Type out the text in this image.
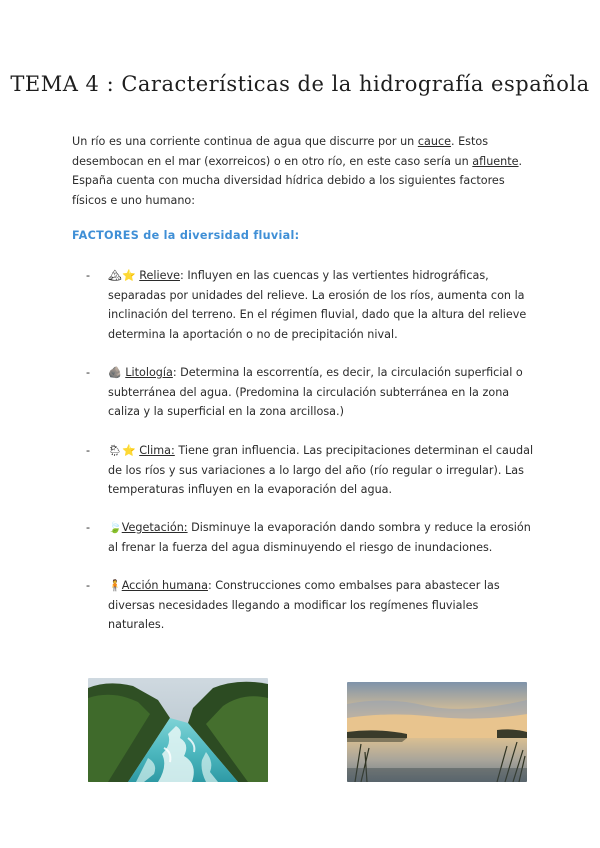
TEMA 4 : Características de la hidrografía española

Un río es una corriente continua de agua que discurre por un cauce. Estos desembocan en el mar (exorreicos) o en otro río, en este caso sería un afluente. España cuenta con mucha diversidad hídrica debido a los siguientes factores físicos e uno humano:

FACTORES de la diversidad fluvial:

- 🏔⭐ Relieve: Influyen en las cuencas y las vertientes hidrográficas, separadas por unidades del relieve. La erosión de los ríos, aumenta con la inclinación del terreno. En el régimen fluvial, dado que la altura del relieve determina la aportación o no de precipitación nival.

- 🪨 Litología: Determina la escorrentía, es decir, la circulación superficial o subterránea del agua. (Predomina la circulación subterránea en la zona caliza y la superficial en la zona arcillosa.)

- 🌦⭐ Clima: Tiene gran influencia. Las precipitaciones determinan el caudal de los ríos y sus variaciones a lo largo del año (río regular o irregular). Las temperaturas influyen en la evaporación del agua.

- 🍃Vegetación: Disminuye la evaporación dando sombra y reduce la erosión al frenar la fuerza del agua disminuyendo el riesgo de inundaciones.

- 🧍Acción humana: Construcciones como embalses para abastecer las diversas necesidades llegando a modificar los regímenes fluviales naturales.
